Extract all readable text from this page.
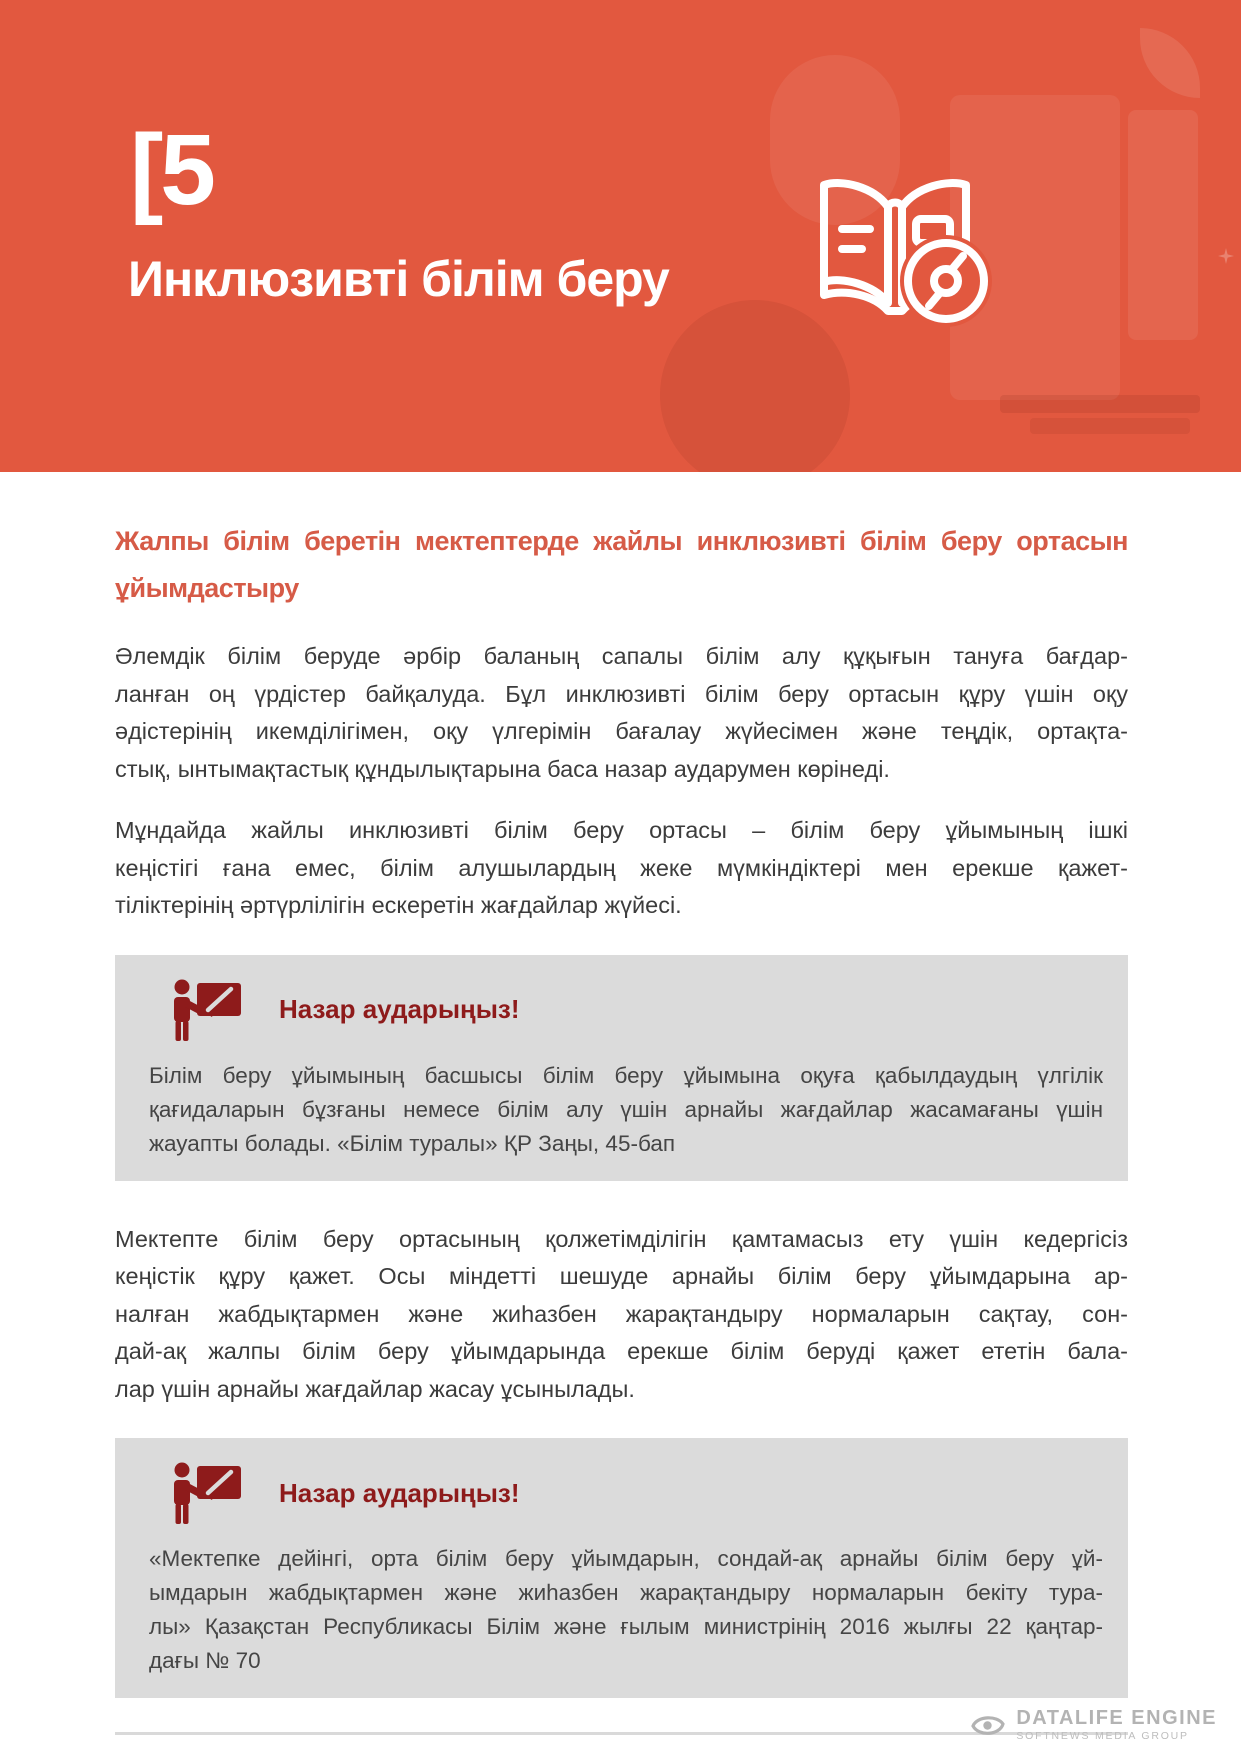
[5
Инклюзивті білім беру
Жалпы білім беретін мектептерде жайлы инклюзивті білім беру ортасын
ұйымдастыру
Әлемдік білім беруде әрбір баланың сапалы білім алу құқығын тануға бағдар-
ланған оң үрдістер байқалуда. Бұл инклюзивті білім беру ортасын құру үшін оқу
әдістерінің икемділігімен, оқу үлгерімін бағалау жүйесімен және теңдік, ортақта-
стық, ынтымақтастық құндылықтарына баса назар аударумен көрінеді.
Мұндайда жайлы инклюзивті білім беру ортасы – білім беру ұйымының ішкі
кеңістігі ғана емес, білім алушылардың жеке мүмкіндіктері мен ерекше қажет-
тіліктерінің әртүрлілігін ескеретін жағдайлар жүйесі.
Назар аударыңыз!
Білім беру ұйымының басшысы білім беру ұйымына оқуға қабылдаудың үлгілік
қағидаларын бұзғаны немесе білім алу үшін арнайы жағдайлар жасамағаны үшін
жауапты болады. «Білім туралы» ҚР Заңы, 45-бап
Мектепте білім беру ортасының қолжетімділігін қамтамасыз ету үшін кедергісіз
кеңістік құру қажет. Осы міндетті шешуде арнайы білім беру ұйымдарына ар-
налған жабдықтармен және жиһазбен жарақтандыру нормаларын сақтау, сон-
дай-ақ жалпы білім беру ұйымдарында ерекше білім беруді қажет ететін бала-
лар үшін арнайы жағдайлар жасау ұсынылады.
Назар аударыңыз!
«Мектепке дейінгі, орта білім беру ұйымдарын, сондай-ақ арнайы білім беру ұй-
ымдарын жабдықтармен және жиһазбен жарақтандыру нормаларын бекіту тура-
лы» Қазақстан Республикасы Білім және ғылым министрінің 2016 жылғы 22 қаңтар-
дағы № 70
DATALIFE ENGINE
SOFTNEWS MEDIA GROUP
